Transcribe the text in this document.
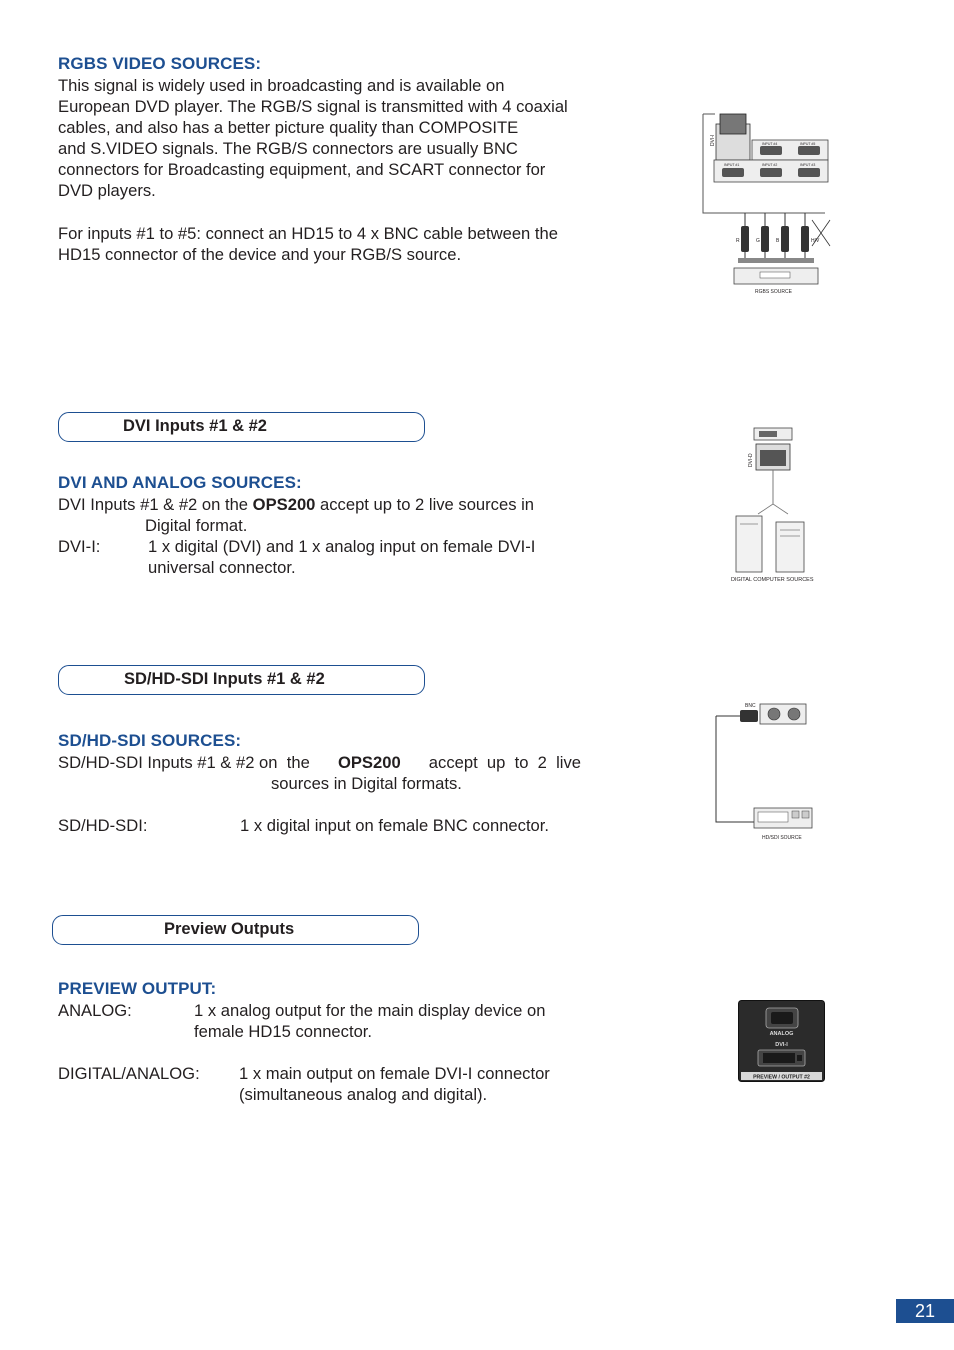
RGBS VIDEO SOURCES:
This signal is widely used in broadcasting and is available on
European DVD player. The RGB/S signal is transmitted with 4 coaxial
cables, and also has a better picture quality than COMPOSITE
and S.VIDEO signals. The RGB/S connectors are usually BNC
connectors for Broadcasting equipment, and SCART connector for
DVD players.
For inputs #1 to #5: connect an HD15 to 4 x BNC cable between the
HD15 connector of the device and your RGB/S source.
DVI-I	INPUT #4	INPUT #5
INPUT #1	INPUT #2	INPUT #3
R	G	B	H/V
RGBS SOURCE
DVI Inputs #1 & #2
DVI AND ANALOG SOURCES:
DVI Inputs #1 & #2 on the OPS200 accept up to 2 live sources in
Digital format.
DVI-I:	1 x digital (DVI) and 1 x analog input on female DVI-I
universal connector.
DVI-D
DIGITAL COMPUTER SOURCES
SD/HD-SDI Inputs #1 & #2
SD/HD-SDI SOURCES:
SD/HD-SDI Inputs #1 & #2 on  the OPS200 accept  up  to  2  live
sources in Digital formats.
SD/HD-SDI:	1 x digital input on female BNC connector.
BNC
HD/SDI SOURCE
Preview Outputs
PREVIEW OUTPUT:
ANALOG:	1 x analog output for the main display device on
female HD15 connector.
DIGITAL/ANALOG: 1 x main output on female DVI-I connector
(simultaneous analog and digital).
ANALOG
DVI-I
PREVIEW / OUTPUT #2
21
